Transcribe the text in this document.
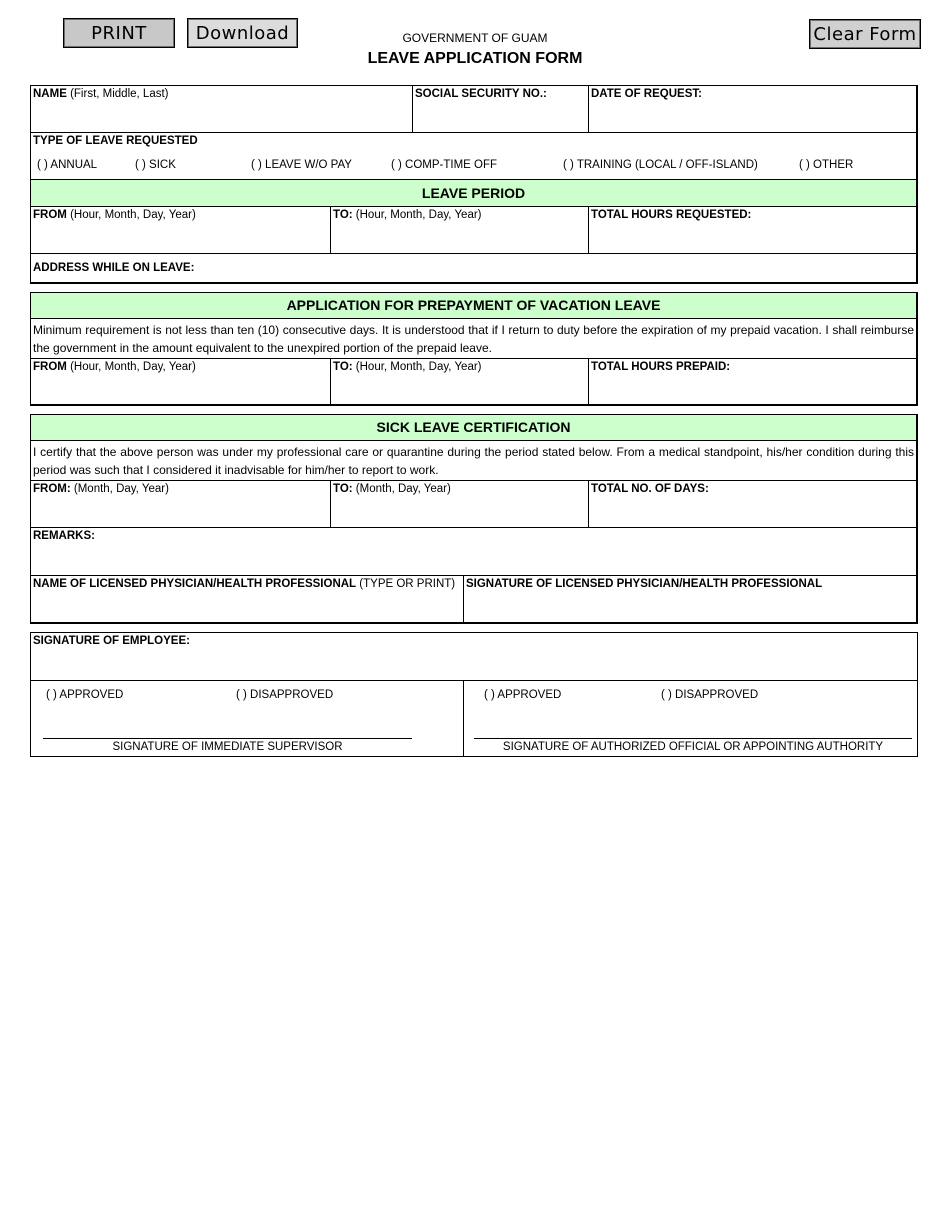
PRINT	Download	Clear Form
GOVERNMENT OF GUAM
LEAVE APPLICATION FORM
NAME (First, Middle, Last)	SOCIAL SECURITY NO.:	DATE OF REQUEST:
TYPE OF LEAVE REQUESTED
( ) ANNUAL	( ) SICK	( ) LEAVE W/O PAY	( ) COMP-TIME OFF	( ) TRAINING (LOCAL / OFF-ISLAND)	( ) OTHER
LEAVE PERIOD
FROM (Hour, Month, Day, Year)	TO: (Hour, Month, Day, Year)	TOTAL HOURS REQUESTED:
ADDRESS WHILE ON LEAVE:
APPLICATION FOR PREPAYMENT OF VACATION LEAVE
Minimum requirement is not less than ten (10) consecutive days. It is understood that if I return to duty before the expiration of my prepaid vacation. I shall reimburse the government in the amount equivalent to the unexpired portion of the prepaid leave.
FROM (Hour, Month, Day, Year)	TO: (Hour, Month, Day, Year)	TOTAL HOURS PREPAID:
SICK LEAVE CERTIFICATION
I certify that the above person was under my professional care or quarantine during the period stated below. From a medical standpoint, his/her condition during this period was such that I considered it inadvisable for him/her to report to work.
FROM: (Month, Day, Year)	TO: (Month, Day, Year)	TOTAL NO. OF DAYS:
REMARKS:
NAME OF LICENSED PHYSICIAN/HEALTH PROFESSIONAL (TYPE OR PRINT) SIGNATURE OF LICENSED PHYSICIAN/HEALTH PROFESSIONAL
SIGNATURE OF EMPLOYEE:
( ) APPROVED	( ) DISAPPROVED
SIGNATURE OF IMMEDIATE SUPERVISOR
( ) APPROVED	( ) DISAPPROVED
SIGNATURE OF AUTHORIZED OFFICIAL OR APPOINTING AUTHORITY
